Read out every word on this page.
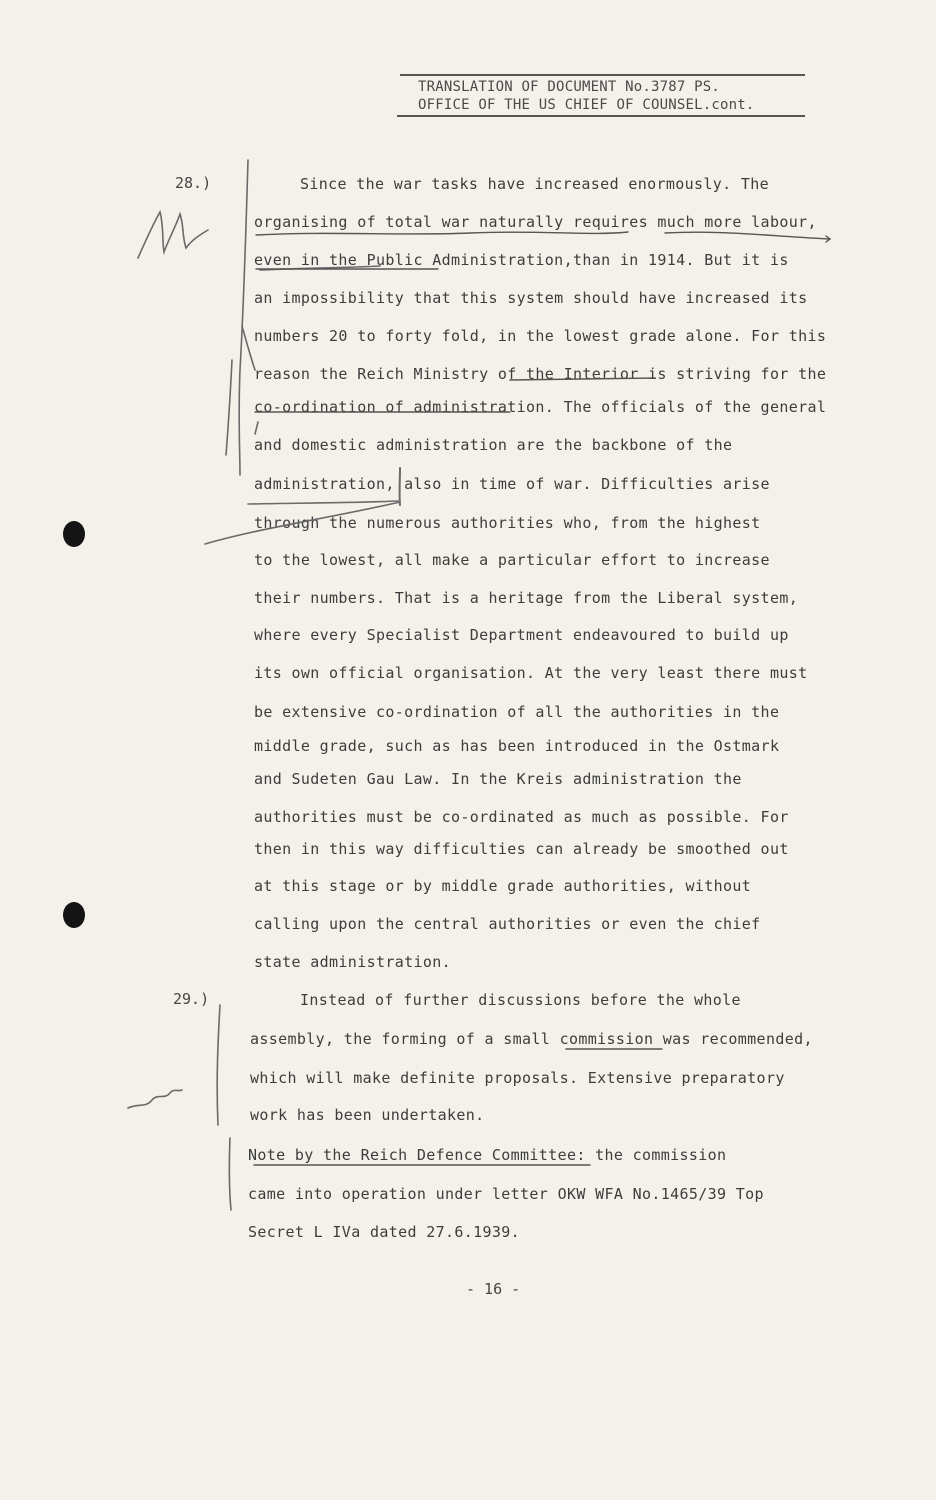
TRANSLATION OF DOCUMENT No.3787 PS.
OFFICE OF THE US CHIEF OF COUNSEL.cont.
28.)	Since the war tasks have increased enormously. The
organising of total war naturally requires much more labour,
even in the Public Administration,than in 1914. But it is
an impossibility that this system should have increased its
numbers 20 to forty fold, in the lowest grade alone. For this
reason the Reich Ministry of the Interior is striving for the
co-ordination of administration. The officials of the general
and domestic administration are the backbone of the
administration, also in time of war. Difficulties arise
through the numerous authorities who, from the highest
to the lowest, all make a particular effort to increase
their numbers. That is a heritage from the Liberal system,
where every Specialist Department endeavoured to build up
its own official organisation. At the very least there must
be extensive co-ordination of all the authorities in the
middle grade, such as has been introduced in the Ostmark
and Sudeten Gau Law. In the Kreis administration the
authorities must be co-ordinated as much as possible. For
then in this way difficulties can already be smoothed out
at this stage or by middle grade authorities, without
calling upon the central authorities or even the chief
state administration.
29.)	Instead of further discussions before the whole
assembly, the forming of a small commission was recommended,
which will make definite proposals. Extensive preparatory
work has been undertaken.
Note by the Reich Defence Committee: the commission
came into operation under letter OKW WFA No.1465/39 Top
Secret L IVa dated 27.6.1939.
- 16 -
